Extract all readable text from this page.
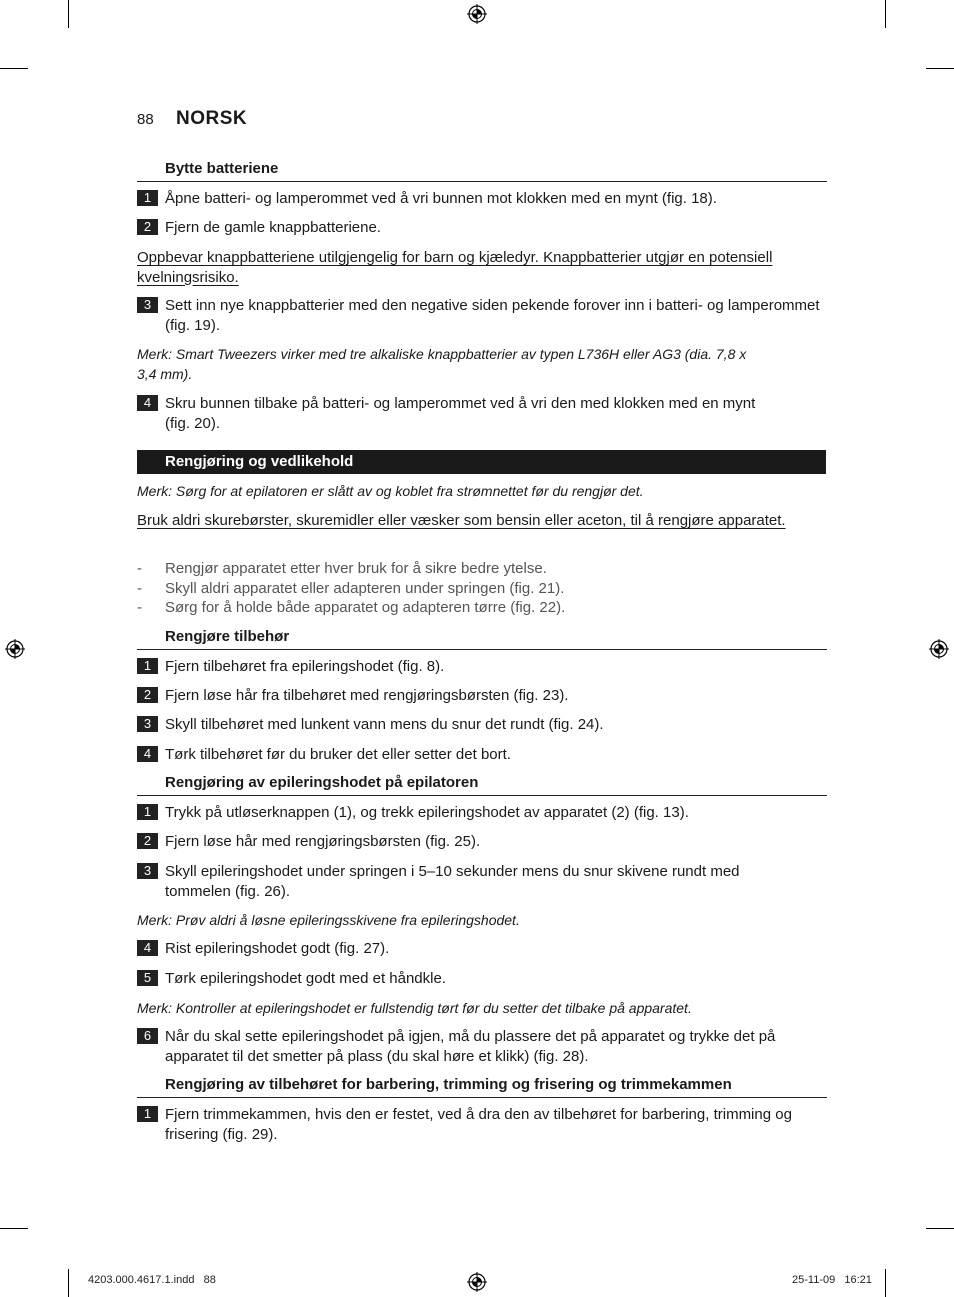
88 NORSK
Bytte batteriene
1 Åpne batteri- og lamperommet ved å vri bunnen mot klokken med en mynt (fig. 18).
2 Fjern de gamle knappbatteriene.
Oppbevar knappbatteriene utilgjengelig for barn og kjæledyr. Knappbatterier utgjør en potensiell kvelningsrisiko.
3 Sett inn nye knappbatterier med den negative siden pekende forover inn i batteri- og lamperommet (fig. 19).
Merk: Smart Tweezers virker med tre alkaliske knappbatterier av typen L736H eller AG3 (dia. 7,8 x 3,4 mm).
4 Skru bunnen tilbake på batteri- og lamperommet ved å vri den med klokken med en mynt (fig. 20).
Rengjøring og vedlikehold
Merk: Sørg for at epilatoren er slått av og koblet fra strømnettet før du rengjør det.
Bruk aldri skurebørster, skuremidler eller væsker som bensin eller aceton, til å rengjøre apparatet.
- Rengjør apparatet etter hver bruk for å sikre bedre ytelse.
- Skyll aldri apparatet eller adapteren under springen (fig. 21).
- Sørg for å holde både apparatet og adapteren tørre (fig. 22).
Rengjøre tilbehør
1 Fjern tilbehøret fra epileringshodet (fig. 8).
2 Fjern løse hår fra tilbehøret med rengjøringsbørsten (fig. 23).
3 Skyll tilbehøret med lunkent vann mens du snur det rundt (fig. 24).
4 Tørk tilbehøret før du bruker det eller setter det bort.
Rengjøring av epileringshodet på epilatoren
1 Trykk på utløserknappen (1), og trekk epileringshodet av apparatet (2) (fig. 13).
2 Fjern løse hår med rengjøringsbørsten (fig. 25).
3 Skyll epileringshodet under springen i 5–10 sekunder mens du snur skivene rundt med tommelen (fig. 26).
Merk: Prøv aldri å løsne epileringsskivene fra epileringshodet.
4 Rist epileringshodet godt (fig. 27).
5 Tørk epileringshodet godt med et håndkle.
Merk: Kontroller at epileringshodet er fullstendig tørt før du setter det tilbake på apparatet.
6 Når du skal sette epileringshodet på igjen, må du plassere det på apparatet og trykke det på apparatet til det smetter på plass (du skal høre et klikk) (fig. 28).
Rengjøring av tilbehøret for barbering, trimming og frisering og trimmekammen
1 Fjern trimmekammen, hvis den er festet, ved å dra den av tilbehøret for barbering, trimming og frisering (fig. 29).
4203.000.4617.1.indd   88	25-11-09   16:21
